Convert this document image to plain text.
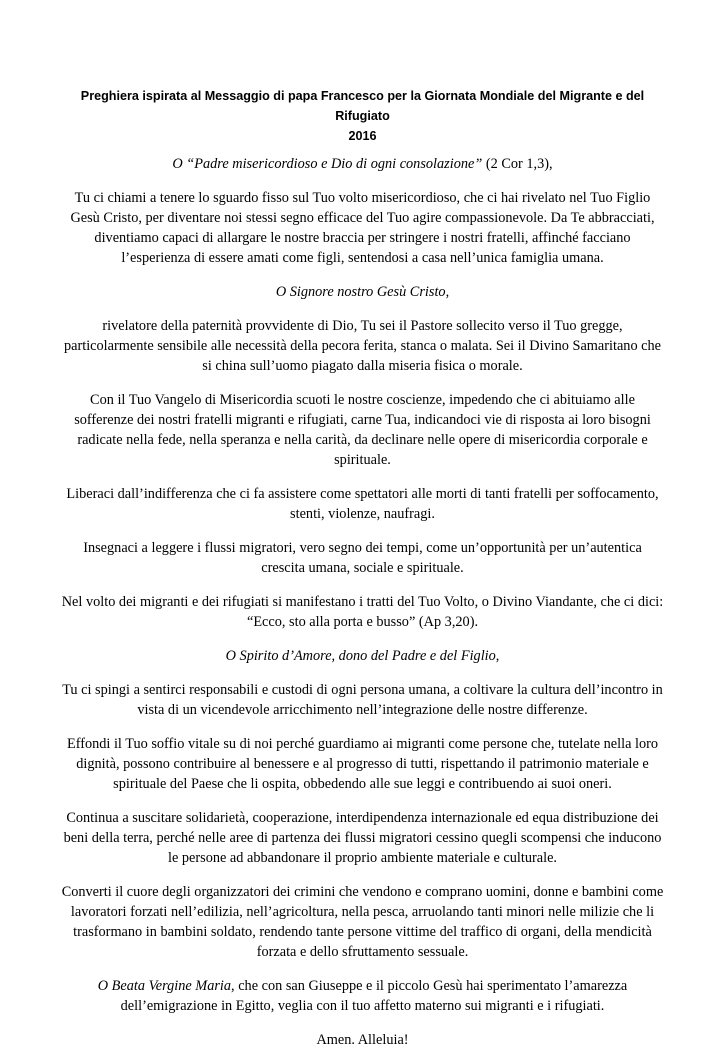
Preghiera ispirata al Messaggio di papa Francesco per la Giornata Mondiale del Migrante e del Rifugiato
2016

O “Padre misericordioso e Dio di ogni consolazione” (2 Cor 1,3),

Tu ci chiami a tenere lo sguardo fisso sul Tuo volto misericordioso, che ci hai rivelato nel Tuo Figlio Gesù Cristo, per diventare noi stessi segno efficace del Tuo agire compassionevole. Da Te abbracciati, diventiamo capaci di allargare le nostre braccia per stringere i nostri fratelli, affinché facciano l’esperienza di essere amati come figli, sentendosi a casa nell’unica famiglia umana.

O Signore nostro Gesù Cristo,

rivelatore della paternità provvidente di Dio, Tu sei il Pastore sollecito verso il Tuo gregge, particolarmente sensibile alle necessità della pecora ferita, stanca o malata. Sei il Divino Samaritano che si china sull’uomo piagato dalla miseria fisica o morale.

Con il Tuo Vangelo di Misericordia scuoti le nostre coscienze, impedendo che ci abituiamo alle sofferenze dei nostri fratelli migranti e rifugiati, carne Tua, indicandoci vie di risposta ai loro bisogni radicate nella fede, nella speranza e nella carità, da declinare nelle opere di misericordia corporale e spirituale.

Liberaci dall’indifferenza che ci fa assistere come spettatori alle morti di tanti fratelli per soffocamento, stenti, violenze, naufragi.

Insegnaci a leggere i flussi migratori, vero segno dei tempi, come un’opportunità per un’autentica crescita umana, sociale e spirituale.

Nel volto dei migranti e dei rifugiati si manifestano i tratti del Tuo Volto, o Divino Viandante, che ci dici: “Ecco, sto alla porta e busso” (Ap 3,20).

O Spirito d’Amore, dono del Padre e del Figlio,

Tu ci spingi a sentirci responsabili e custodi di ogni persona umana, a coltivare la cultura dell’incontro in vista di un vicendevole arricchimento nell’integrazione delle nostre differenze.

Effondi il Tuo soffio vitale su di noi perché guardiamo ai migranti come persone che, tutelate nella loro dignità, possono contribuire al benessere e al progresso di tutti, rispettando il patrimonio materiale e spirituale del Paese che li ospita, obbedendo alle sue leggi e contribuendo ai suoi oneri.

Continua a suscitare solidarietà, cooperazione, interdipendenza internazionale ed equa distribuzione dei beni della terra, perché nelle aree di partenza dei flussi migratori cessino quegli scompensi che inducono le persone ad abbandonare il proprio ambiente materiale e culturale.

Converti il cuore degli organizzatori dei crimini che vendono e comprano uomini, donne e bambini come lavoratori forzati nell’edilizia, nell’agricoltura, nella pesca, arruolando tanti minori nelle milizie che li trasformano in bambini soldato, rendendo tante persone vittime del traffico di organi, della mendicità forzata e dello sfruttamento sessuale.

O Beata Vergine Maria, che con san Giuseppe e il piccolo Gesù hai sperimentato l’amarezza dell’emigrazione in Egitto, veglia con il tuo affetto materno sui migranti e i rifugiati.

Amen. Alleluia!
